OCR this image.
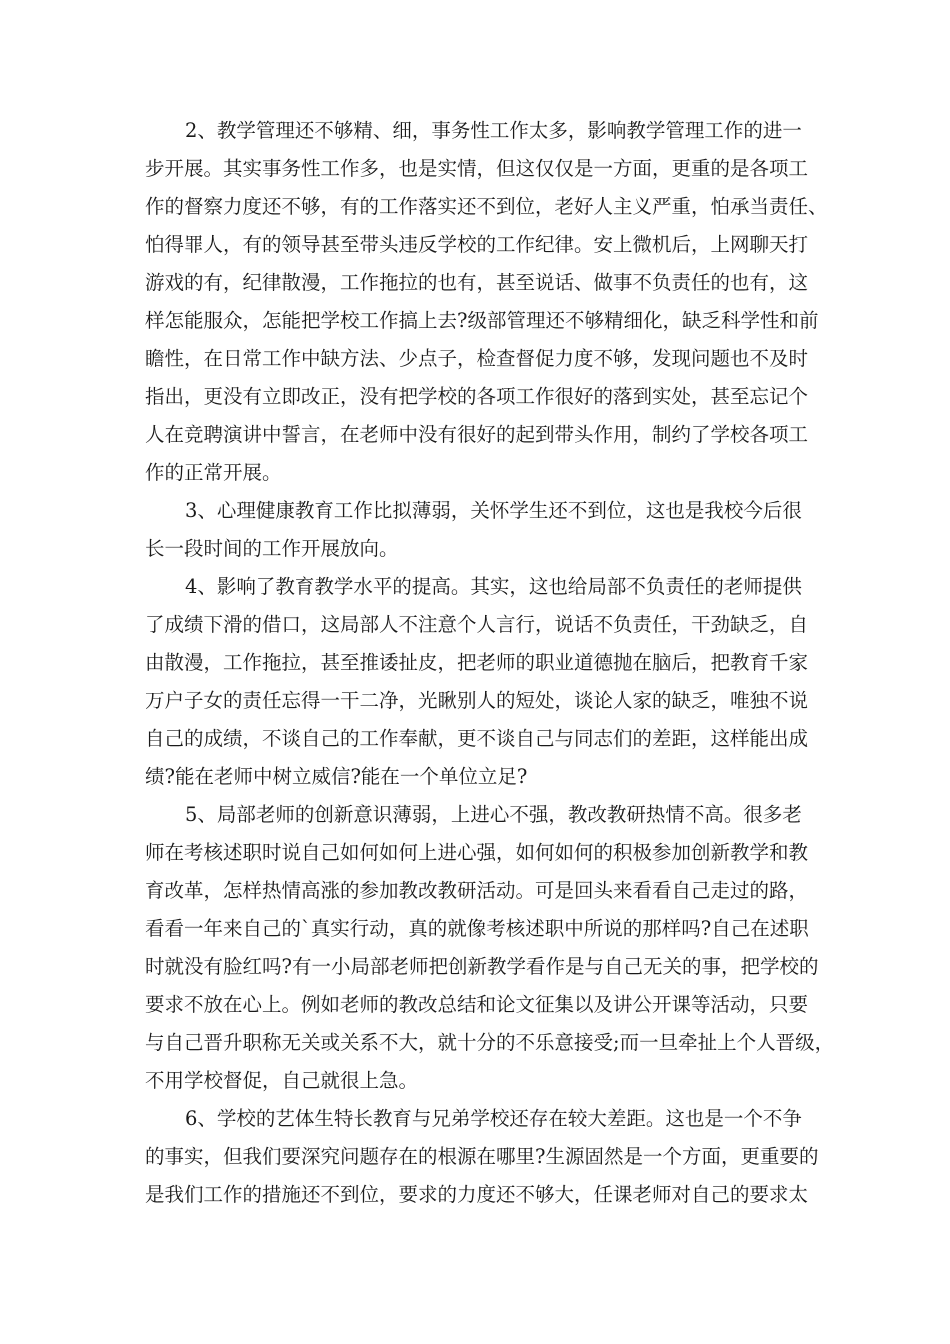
2、教学管理还不够精、细，事务性工作太多，影响教学管理工作的进一
步开展。其实事务性工作多，也是实情，但这仅仅是一方面，更重的是各项工
作的督察力度还不够，有的工作落实还不到位，老好人主义严重，怕承当责任、
怕得罪人，有的领导甚至带头违反学校的工作纪律。安上微机后，上网聊天打
游戏的有，纪律散漫，工作拖拉的也有，甚至说话、做事不负责任的也有，这
样怎能服众，怎能把学校工作搞上去?级部管理还不够精细化，缺乏科学性和前
瞻性，在日常工作中缺方法、少点子，检查督促力度不够，发现问题也不及时
指出，更没有立即改正，没有把学校的各项工作很好的落到实处，甚至忘记个
人在竞聘演讲中誓言，在老师中没有很好的起到带头作用，制约了学校各项工
作的正常开展。
3、心理健康教育工作比拟薄弱，关怀学生还不到位，这也是我校今后很
长一段时间的工作开展放向。
4、影响了教育教学水平的提高。其实，这也给局部不负责任的老师提供
了成绩下滑的借口，这局部人不注意个人言行，说话不负责任，干劲缺乏，自
由散漫，工作拖拉，甚至推诿扯皮，把老师的职业道德抛在脑后，把教育千家
万户子女的责任忘得一干二净，光瞅别人的短处，谈论人家的缺乏，唯独不说
自己的成绩，不谈自己的工作奉献，更不谈自己与同志们的差距，这样能出成
绩?能在老师中树立威信?能在一个单位立足?
5、局部老师的创新意识薄弱，上进心不强，教改教研热情不高。很多老
师在考核述职时说自己如何如何上进心强，如何如何的积极参加创新教学和教
育改革，怎样热情高涨的参加教改教研活动。可是回头来看看自己走过的路，
看看一年来自己的`真实行动，真的就像考核述职中所说的那样吗?自己在述职
时就没有脸红吗?有一小局部老师把创新教学看作是与自己无关的事，把学校的
要求不放在心上。例如老师的教改总结和论文征集以及讲公开课等活动，只要
与自己晋升职称无关或关系不大，就十分的不乐意接受;而一旦牵扯上个人晋级，
不用学校督促，自己就很上急。
6、学校的艺体生特长教育与兄弟学校还存在较大差距。这也是一个不争
的事实，但我们要深究问题存在的根源在哪里?生源固然是一个方面，更重要的
是我们工作的措施还不到位，要求的力度还不够大，任课老师对自己的要求太
